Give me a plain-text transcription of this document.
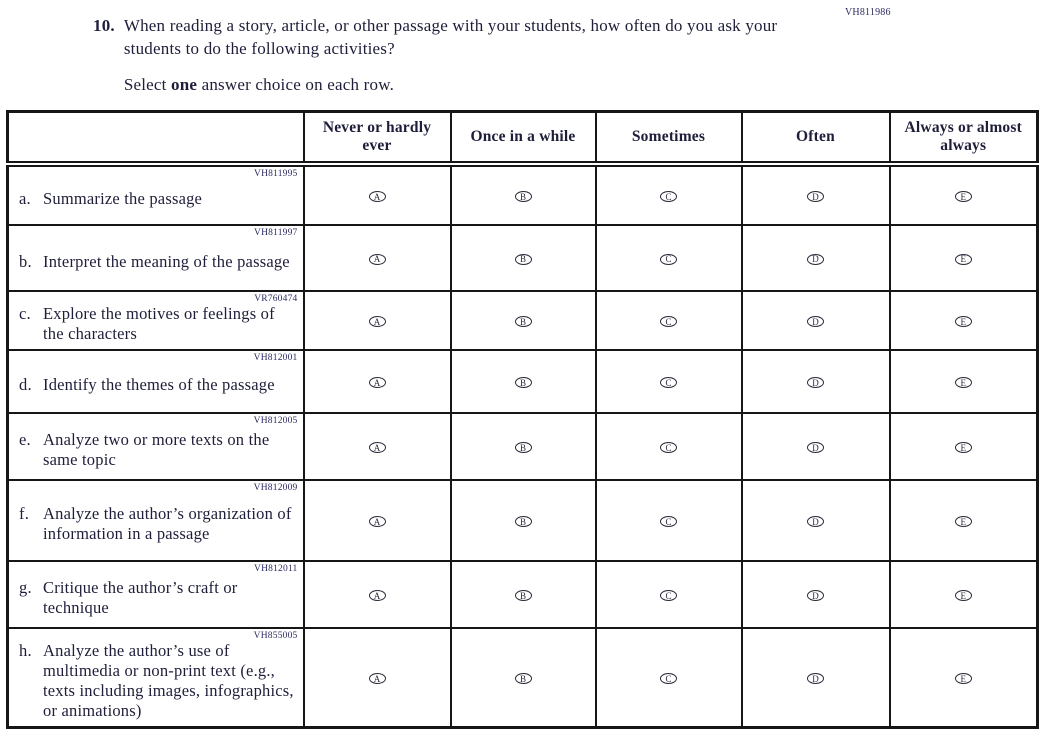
VH811986
10. When reading a story, article, or other passage with your students, how often do you ask your students to do the following activities?
Select one answer choice on each row.
	Never or hardly ever	Once in a while	Sometimes	Often	Always or almost always

VH811995
a. Summarize the passage	A	B	C	D	E

VH811997
b. Interpret the meaning of the passage	A	B	C	D	E

VR760474
c. Explore the motives or feelings of the characters	A	B	C	D	E

VH812001
d. Identify the themes of the passage	A	B	C	D	E

VH812005
e. Analyze two or more texts on the same topic	A	B	C	D	E

VH812009
f. Analyze the author’s organization of information in a passage	A	B	C	D	E

VH812011
g. Critique the author’s craft or technique	A	B	C	D	E

VH855005
h. Analyze the author’s use of multimedia or non-print text (e.g., texts including images, infographics, or animations)	A	B	C	D	E
